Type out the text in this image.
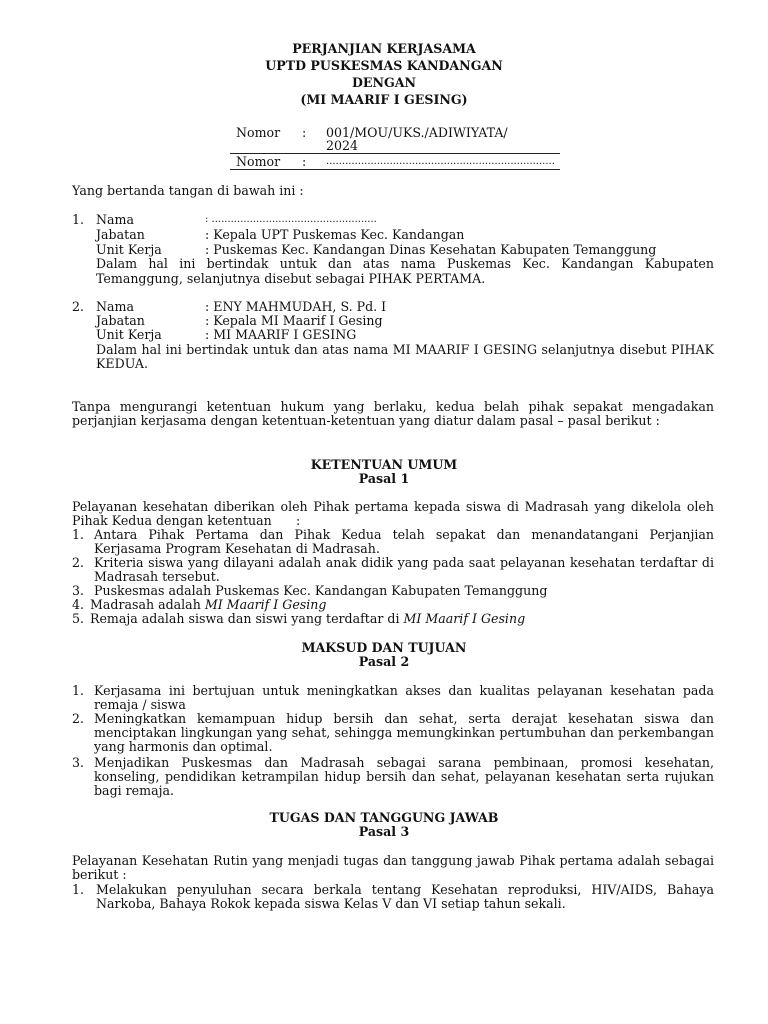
PERJANJIAN KERJASAMA
UPTD PUSKESMAS KANDANGAN
DENGAN
(MI MAARIF I GESING)
Nomor : 001/MOU/UKS./ADIWIYATA/
2024
Nomor : ........................................................................
Yang bertanda tangan di bawah ini :
1. Nama	: ....................................................
Jabatan	: Kepala UPT Puskemas Kec. Kandangan
Unit Kerja	: Puskemas Kec. Kandangan Dinas Kesehatan Kabupaten Temanggung
Dalam hal ini bertindak untuk dan atas nama Puskemas Kec. Kandangan Kabupaten
Temanggung, selanjutnya disebut sebagai PIHAK PERTAMA.
2. Nama	: ENY MAHMUDAH, S. Pd. I
Jabatan	: Kepala MI Maarif I Gesing
Unit Kerja	: MI MAARIF I GESING
Dalam hal ini bertindak untuk dan atas nama MI MAARIF I GESING selanjutnya disebut PIHAK
KEDUA.
Tanpa mengurangi ketentuan hukum yang berlaku, kedua belah pihak sepakat mengadakan perjanjian kerjasama dengan ketentuan-ketentuan yang diatur dalam pasal – pasal berikut :
KETENTUAN UMUM
Pasal 1
Pelayanan kesehatan diberikan oleh Pihak pertama kepada siswa di Madrasah yang dikelola oleh
Pihak Kedua dengan ketentuan :
1. Antara Pihak Pertama dan Pihak Kedua telah sepakat dan menandatangani Perjanjian Kerjasama Program Kesehatan di Madrasah.
2. Kriteria siswa yang dilayani adalah anak didik yang pada saat pelayanan kesehatan terdaftar di Madrasah tersebut.
3. Puskesmas adalah Puskemas Kec. Kandangan Kabupaten Temanggung
4. Madrasah adalah MI Maarif I Gesing
5. Remaja adalah siswa dan siswi yang terdaftar di MI Maarif I Gesing
MAKSUD DAN TUJUAN
Pasal 2
1. Kerjasama ini bertujuan untuk meningkatkan akses dan kualitas pelayanan kesehatan pada remaja / siswa
2. Meningkatkan kemampuan hidup bersih dan sehat, serta derajat kesehatan siswa dan menciptakan lingkungan yang sehat, sehingga memungkinkan pertumbuhan dan perkembangan yang harmonis dan optimal.
3. Menjadikan Puskesmas dan Madrasah sebagai sarana pembinaan, promosi kesehatan, konseling, pendidikan ketrampilan hidup bersih dan sehat, pelayanan kesehatan serta rujukan bagi remaja.
TUGAS DAN TANGGUNG JAWAB
Pasal 3
Pelayanan Kesehatan Rutin yang menjadi tugas dan tanggung jawab Pihak pertama adalah sebagai berikut :
1. Melakukan penyuluhan secara berkala tentang Kesehatan reproduksi, HIV/AIDS, Bahaya Narkoba, Bahaya Rokok kepada siswa Kelas V dan VI setiap tahun sekali.
